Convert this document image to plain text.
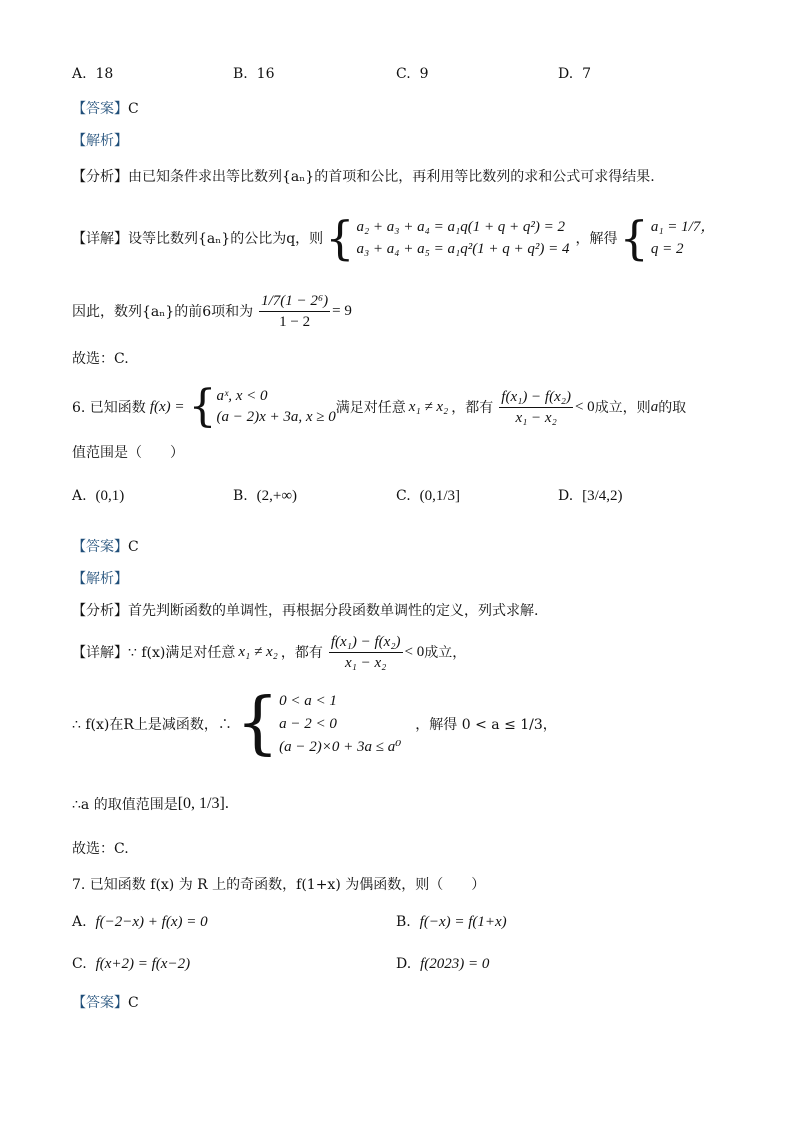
A. 18	B. 16	C. 9	D. 7
【答案】C
【解析】
【分析】由已知条件求出等比数列{aₙ}的首项和公比，再利用等比数列的求和公式可求得结果.
【详解】 设等比数列{aₙ}的公比为q，则 { a₂ + a₃ + a₄ = a₁q(1 + q + q²) = 2
a₃ + a₄ + a₅ = a₁q²(1 + q + q²) = 4
，解得 { a₁ = 1/7，
q = 2
因此，数列{aₙ}的前6项和为 $\frac{\text{1/7(1 − 2⁶)}}{1 - 2} = 9$
故选：C.
6. 已知函数 f(x) = { aˣ, x < 0
(a − 2)x + 3a, x ≥ 0
满足对任意 x₁ ≠ x₂ ，都有 $\frac{\text{f(x₁) − f(x₂)}}{\text{x₁ − x₂}} < 0$ 成立，则 a 的取
值范围是（　　）
A. (0,1)	B. (2,+∞)	C. (0,1/3]	D. [3/4,2)
【答案】C
【解析】
【分析】首先判断函数的单调性，再根据分段函数单调性的定义，列式求解.
【详解】 ∵ f(x)满足对任意 x₁ ≠ x₂ ，都有 $\frac{\text{f(x₁) − f(x₂)}}{\text{x₁ − x₂}} < 0$ 成立，
∴ f(x)在R上是减函数，∴ { 0 < a < 1
a − 2 < 0
(a − 2)×0 + 3a ≤ a⁰
，解得 0 < a ≤ 1/3，
∴a 的取值范围是 [0, 1/3].
故选：C.
7. 已知函数 f(x) 为 R 上的奇函数，f(1+x) 为偶函数，则（　　）
A. f(−2−x) + f(x) = 0	B. f(−x) = f(1+x)
C. f(x+2) = f(x−2)	D. f(2023) = 0
【答案】C
